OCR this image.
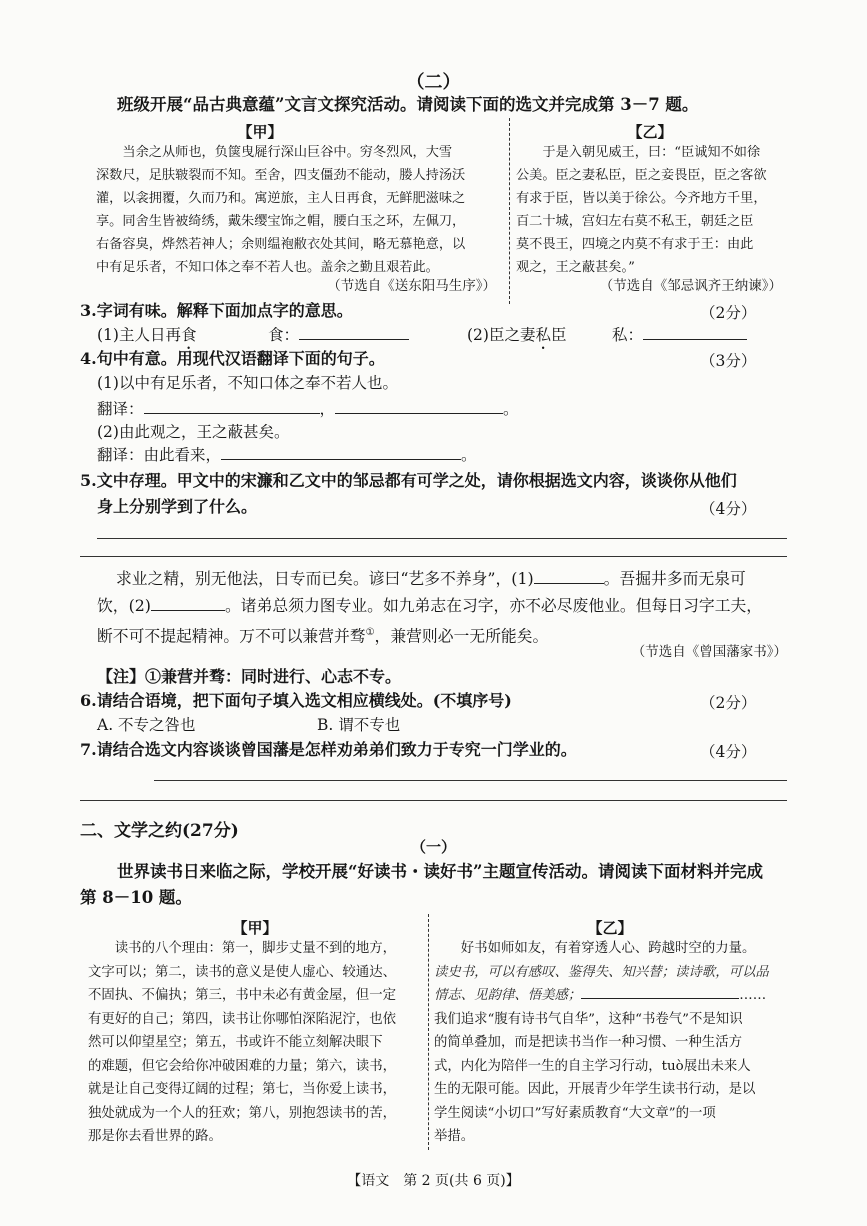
（二）
班级开展“品古典意蕴”文言文探究活动。请阅读下面的选文并完成第 3－7 题。
【甲】
当余之从师也，负箧曳屣行深山巨谷中。穷冬烈风，大雪
深数尺，足肤皲裂而不知。至舍，四支僵劲不能动，媵人持汤沃
灌，以衾拥覆，久而乃和。寓逆旅，主人日再食，无鲜肥滋味之
享。同舍生皆被绮绣，戴朱缨宝饰之帽，腰白玉之环，左佩刀，
右备容臭，烨然若神人；余则缊袍敝衣处其间，略无慕艳意，以
中有足乐者，不知口体之奉不若人也。盖余之勤且艰若此。
（节选自《送东阳马生序》）
【乙】
于是入朝见威王，曰：“臣诚知不如徐
公美。臣之妻私臣，臣之妾畏臣，臣之客欲
有求于臣，皆以美于徐公。今齐地方千里，
百二十城，宫妇左右莫不私王，朝廷之臣
莫不畏王，四境之内莫不有求于王：由此
观之，王之蔽甚矣。”
（节选自《邹忌讽齐王纳谏》）
3.字词有味。解释下面加点字的意思。	（2分）
(1)主人日再食	食：	(2)臣之妻私臣	私：
4.句中有意。用现代汉语翻译下面的句子。	（3分）
(1)以中有足乐者，不知口体之奉不若人也。
翻译：	，	。
(2)由此观之，王之蔽甚矣。
翻译：由此看来，	。
5.文中存理。甲文中的宋濂和乙文中的邹忌都有可学之处，请你根据选文内容，谈谈你从他们
身上分别学到了什么。	（4分）
求业之精，别无他法，日专而已矣。谚曰“艺多不养身”，(1)	。吾掘井多而无泉可
饮，(2)	。诸弟总须力图专业。如九弟志在习字，亦不必尽废他业。但每日习字工夫，
断不可不提起精神。万不可以兼营并骛①，兼营则必一无所能矣。
（节选自《曾国藩家书》）
【注】①兼营并骛：同时进行、心志不专。
6.请结合语境，把下面句子填入选文相应横线处。(不填序号)	（2分）
A. 不专之咎也	B. 谓不专也
7.请结合选文内容谈谈曾国藩是怎样劝弟弟们致力于专究一门学业的。	（4分）
二、文学之约(27分)
（一）
世界读书日来临之际，学校开展“好读书・读好书”主题宣传活动。请阅读下面材料并完成
第 8－10 题。
【甲】
读书的八个理由：第一，脚步丈量不到的地方，
文字可以；第二，读书的意义是使人虚心、较通达、
不固执、不偏执；第三，书中未必有黄金屋，但一定
有更好的自己；第四，读书让你哪怕深陷泥泞，也依
然可以仰望星空；第五，书或许不能立刻解决眼下
的难题，但它会给你冲破困难的力量；第六，读书，
就是让自己变得辽阔的过程；第七，当你爱上读书，
独处就成为一个人的狂欢；第八，别抱怨读书的苦，
那是你去看世界的路。
【乙】
好书如师如友，有着穿透人心、跨越时空的力量。
读史书，可以有感叹、鉴得失、知兴替；读诗歌，可以品
情志、见韵律、悟美感；	……
我们追求“腹有诗书气自华”，这种“书卷气”不是知识
的简单叠加，而是把读书当作一种习惯、一种生活方
式，内化为陪伴一生的自主学习行动，tuò展出未来人
生的无限可能。因此，开展青少年学生读书行动，是以
学生阅读“小切口”写好素质教育“大文章”的一项
举措。
【语文　第 2 页(共 6 页)】
